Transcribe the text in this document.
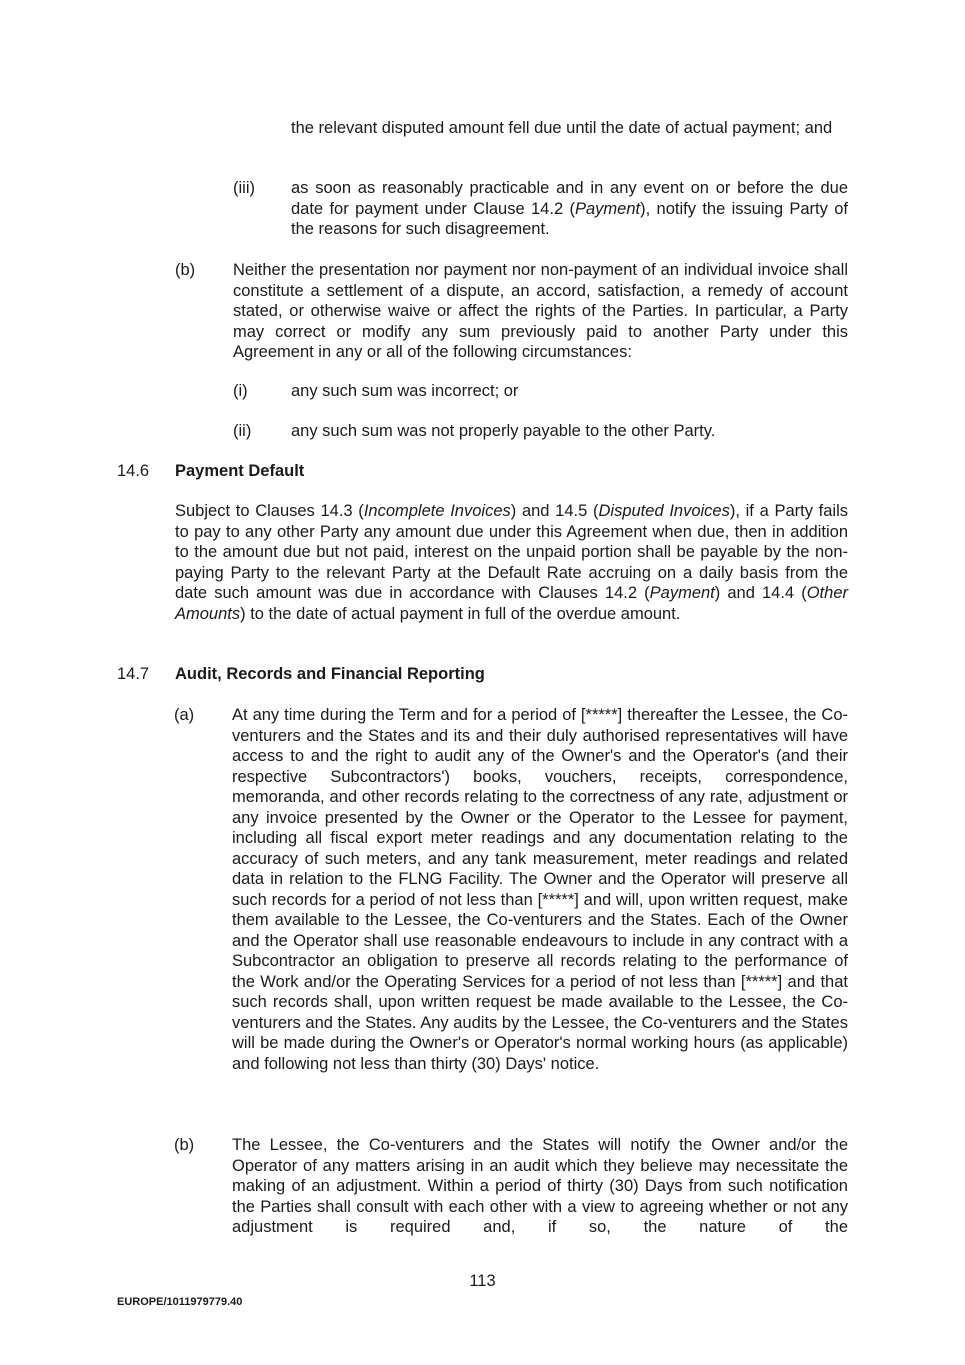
the relevant disputed amount fell due until the date of actual payment; and
(iii) as soon as reasonably practicable and in any event on or before the due date for payment under Clause 14.2 (Payment), notify the issuing Party of the reasons for such disagreement.
(b) Neither the presentation nor payment nor non-payment of an individual invoice shall constitute a settlement of a dispute, an accord, satisfaction, a remedy of account stated, or otherwise waive or affect the rights of the Parties. In particular, a Party may correct or modify any sum previously paid to another Party under this Agreement in any or all of the following circumstances:
(i)	any such sum was incorrect; or
(ii) any such sum was not properly payable to the other Party.
14.6 Payment Default
Subject to Clauses 14.3 (Incomplete Invoices) and 14.5 (Disputed Invoices), if a Party fails to pay to any other Party any amount due under this Agreement when due, then in addition to the amount due but not paid, interest on the unpaid portion shall be payable by the non-paying Party to the relevant Party at the Default Rate accruing on a daily basis from the date such amount was due in accordance with Clauses 14.2 (Payment) and 14.4 (Other Amounts) to the date of actual payment in full of the overdue amount.
14.7 Audit, Records and Financial Reporting
(a) At any time during the Term and for a period of [*****] thereafter the Lessee, the Co-venturers and the States and its and their duly authorised representatives will have access to and the right to audit any of the Owner's and the Operator's (and their respective Subcontractors') books, vouchers, receipts, correspondence, memoranda, and other records relating to the correctness of any rate, adjustment or any invoice presented by the Owner or the Operator to the Lessee for payment, including all fiscal export meter readings and any documentation relating to the accuracy of such meters, and any tank measurement, meter readings and related data in relation to the FLNG Facility. The Owner and the Operator will preserve all such records for a period of not less than [*****] and will, upon written request, make them available to the Lessee, the Co-venturers and the States. Each of the Owner and the Operator shall use reasonable endeavours to include in any contract with a Subcontractor an obligation to preserve all records relating to the performance of the Work and/or the Operating Services for a period of not less than [*****] and that such records shall, upon written request be made available to the Lessee, the Co-venturers and the States. Any audits by the Lessee, the Co-venturers and the States will be made during the Owner's or Operator's normal working hours (as applicable) and following not less than thirty (30) Days' notice.
(b) The Lessee, the Co-venturers and the States will notify the Owner and/or the Operator of any matters arising in an audit which they believe may necessitate the making of an adjustment. Within a period of thirty (30) Days from such notification the Parties shall consult with each other with a view to agreeing whether or not any adjustment is required and, if so, the nature of the
113
EUROPE/1011979779.40
